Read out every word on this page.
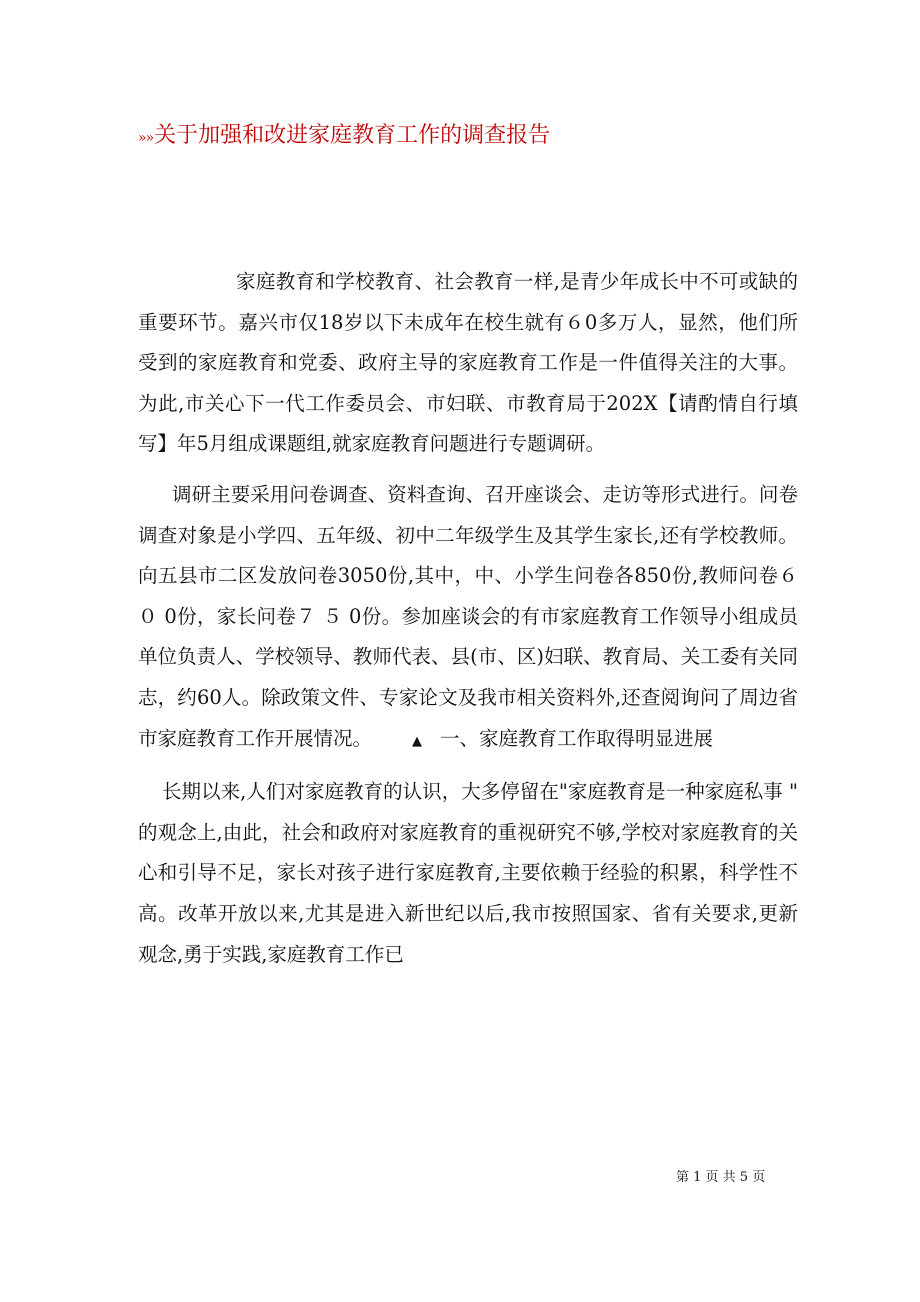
»»关于加强和改进家庭教育工作的调查报告

家庭教育和学校教育、社会教育一样,是青少年成长中不可或缺的重要环节。嘉兴市仅18岁以下未成年在校生就有６0多万人，显然，他们所受到的家庭教育和党委、政府主导的家庭教育工作是一件值得关注的大事。为此,市关心下一代工作委员会、市妇联、市教育局于202X【请酌情自行填写】年5月组成课题组,就家庭教育问题进行专题调研。

调研主要采用问卷调查、资料查询、召开座谈会、走访等形式进行。问卷调查对象是小学四、五年级、初中二年级学生及其学生家长,还有学校教师。向五县市二区发放问卷3050份,其中，中、小学生问卷各850份,教师问卷６０ 0份，家长问卷７ ５ 0份。参加座谈会的有市家庭教育工作领导小组成员单位负责人、学校领导、教师代表、县(市、区)妇联、教育局、关工委有关同志，约60人。除政策文件、专家论文及我市相关资料外,还查阅询问了周边省市家庭教育工作开展情况。	▲ 一、家庭教育工作取得明显进展

长期以来,人们对家庭教育的认识，大多停留在"家庭教育是一种家庭私事 " 的观念上,由此，社会和政府对家庭教育的重视研究不够,学校对家庭教育的关心和引导不足，家长对孩子进行家庭教育,主要依赖于经验的积累，科学性不高。改革开放以来,尤其是进入新世纪以后,我市按照国家、省有关要求,更新观念,勇于实践,家庭教育工作已

第 1 页 共 5 页
